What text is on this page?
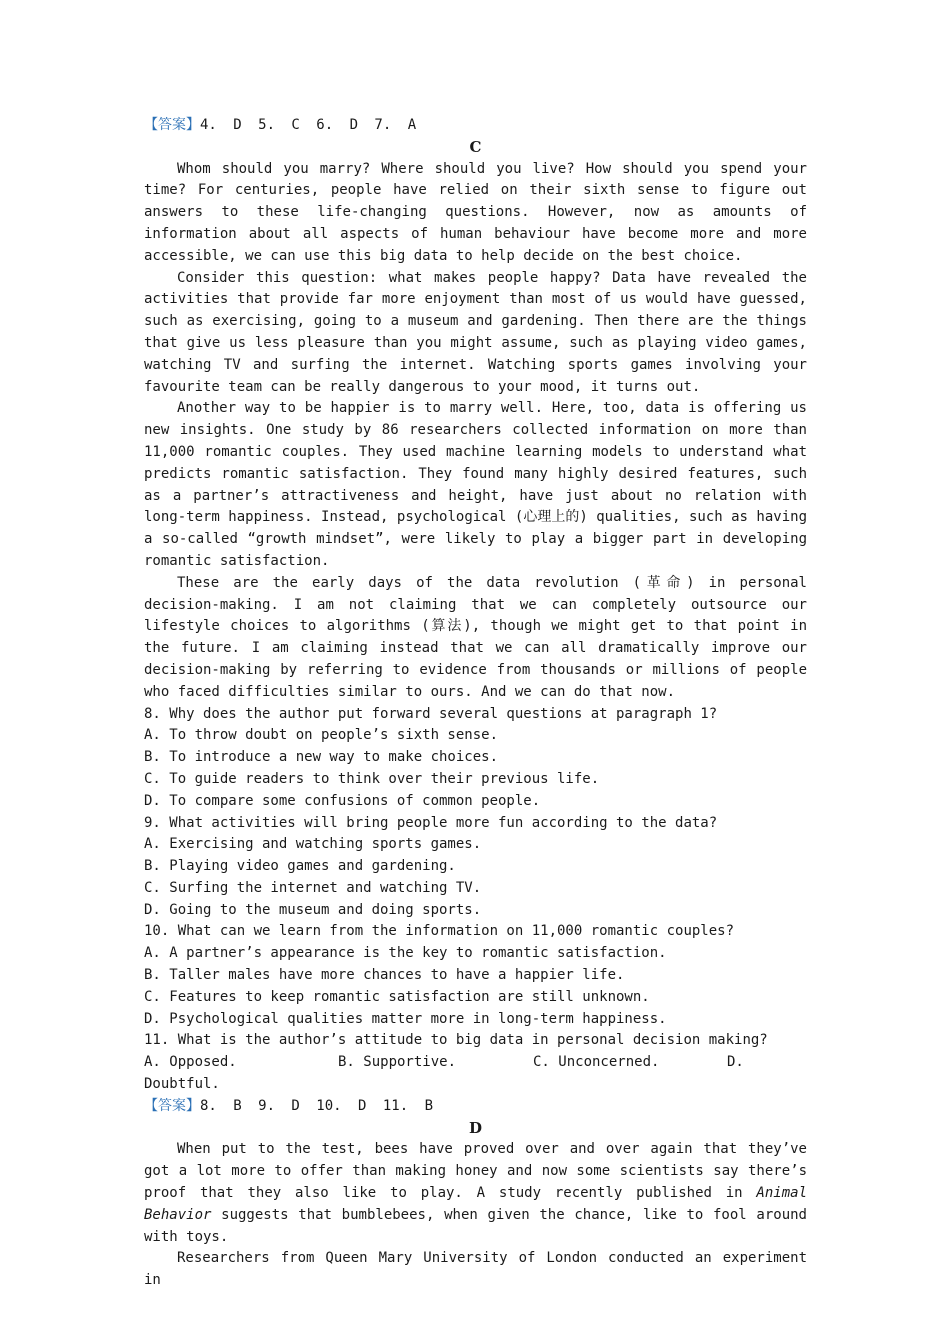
【答案】4. D 5. C 6. D 7. A
C
Whom should you marry? Where should you live? How should you spend your time? For centuries, people have relied on their sixth sense to figure out answers to these life-changing questions. However, now as amounts of information about all aspects of human behaviour have become more and more accessible, we can use this big data to help decide on the best choice.
Consider this question: what makes people happy? Data have revealed the activities that provide far more enjoyment than most of us would have guessed, such as exercising, going to a museum and gardening. Then there are the things that give us less pleasure than you might assume, such as playing video games, watching TV and surfing the internet. Watching sports games involving your favourite team can be really dangerous to your mood, it turns out.
Another way to be happier is to marry well. Here, too, data is offering us new insights. One study by 86 researchers collected information on more than 11,000 romantic couples. They used machine learning models to understand what predicts romantic satisfaction. They found many highly desired features, such as a partner’s attractiveness and height, have just about no relation with long-term happiness. Instead, psychological (心理上的) qualities, such as having a so-called “growth mindset”, were likely to play a bigger part in developing romantic satisfaction.
These are the early days of the data revolution (革命) in personal decision-making. I am not claiming that we can completely outsource our lifestyle choices to algorithms (算法), though we might get to that point in the future. I am claiming instead that we can all dramatically improve our decision-making by referring to evidence from thousands or millions of people who faced difficulties similar to ours. And we can do that now.
8. Why does the author put forward several questions at paragraph 1?
A. To throw doubt on people’s sixth sense.
B. To introduce a new way to make choices.
C. To guide readers to think over their previous life.
D. To compare some confusions of common people.
9. What activities will bring people more fun according to the data?
A. Exercising and watching sports games.
B. Playing video games and gardening.
C. Surfing the internet and watching TV.
D. Going to the museum and doing sports.
10. What can we learn from the information on 11,000 romantic couples?
A. A partner’s appearance is the key to romantic satisfaction.
B. Taller males have more chances to have a happier life.
C. Features to keep romantic satisfaction are still unknown.
D. Psychological qualities matter more in long-term happiness.
11. What is the author’s attitude to big data in personal decision making?
A. Opposed.	B. Supportive.	C. Unconcerned.	D.
Doubtful.
【答案】8. B 9. D 10. D 11. B
D
When put to the test, bees have proved over and over again that they’ve got a lot more to offer than making honey and now some scientists say there’s proof that they also like to play. A study recently published in Animal Behavior suggests that bumblebees, when given the chance, like to fool around with toys.
Researchers from Queen Mary University of London conducted an experiment in
